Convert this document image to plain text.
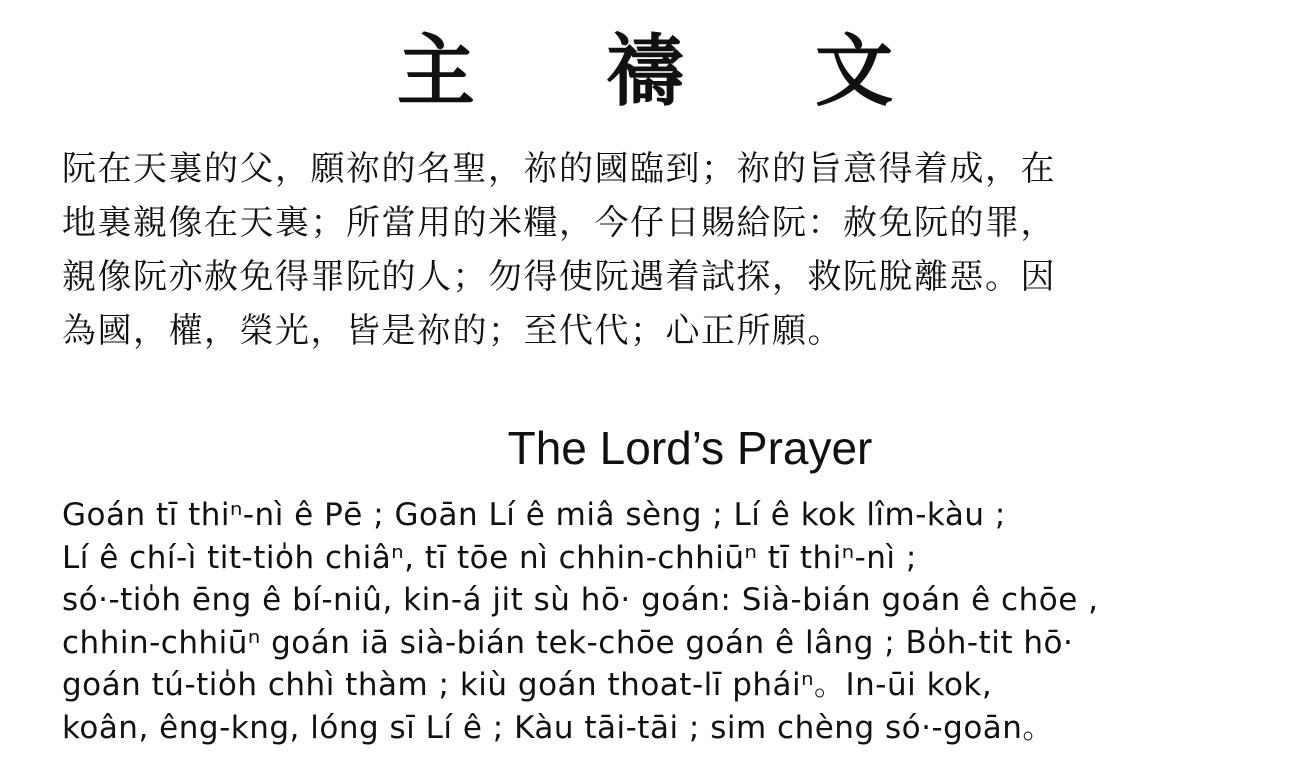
主 禱 文
阮在天裏的父，願祢的名聖，祢的國臨到；祢的旨意得着成，在
地裏親像在天裏；所當用的米糧，今仔日賜給阮：赦免阮的罪，
親像阮亦赦免得罪阮的人；勿得使阮遇着試探，救阮脫離惡。因
為國，權，榮光，皆是祢的；至代代；心正所願。
The Lord’s Prayer
Goán tī thiⁿ-nì ê Pē ; Goān Lí ê miâ sèng ; Lí ê kok lîm-kàu ;
Lí ê chí-ì tit-tio̍h chiâⁿ, tī tōe nì chhin-chhiūⁿ tī thiⁿ-nì ;
só·-tio̍h ēng ê bí-niû, kin-á jit sù hō· goán: Sià-bián goán ê chōe ,
chhin-chhiūⁿ goán iā sià-bián tek-chōe goán ê lâng ; Bo̍h-tit hō·
goán tú-tio̍h chhì thàm ; kiù goán thoat-lī pháiⁿ。In-ūi kok,
koân, êng-kng, lóng sī Lí ê ; Kàu tāi-tāi ; sim chèng só·-goān。
